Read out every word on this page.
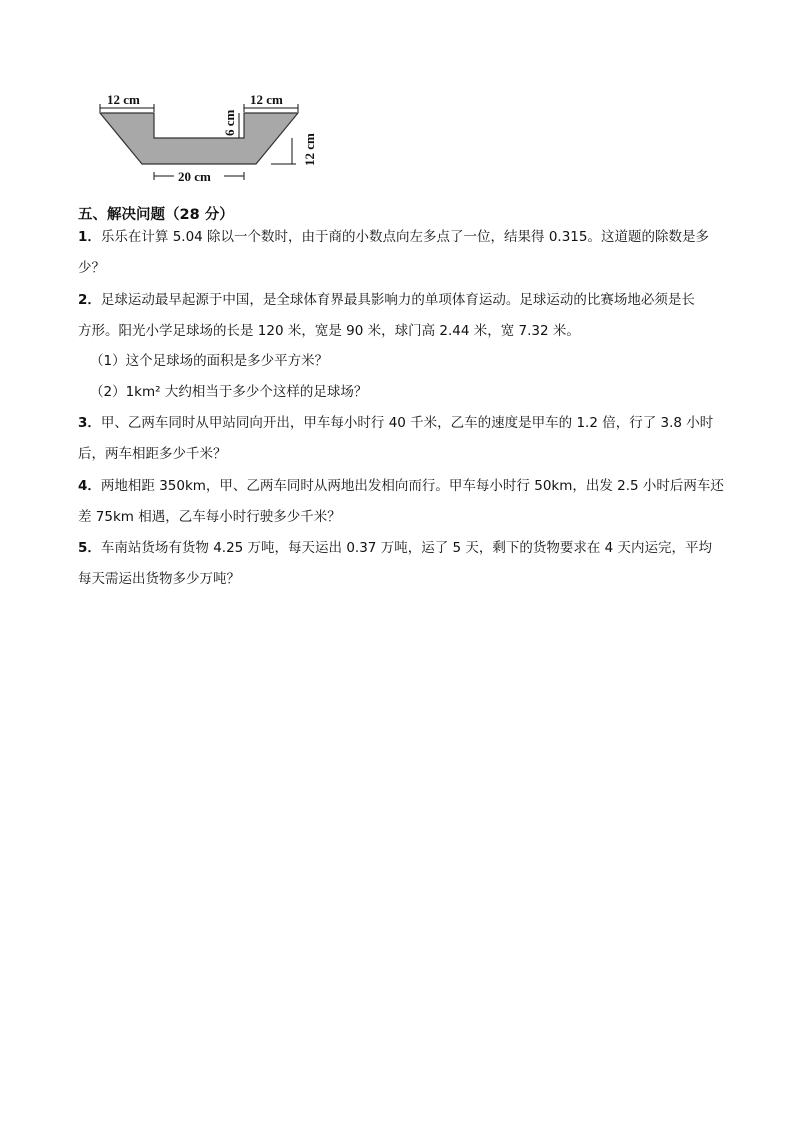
12 cm	12 cm
6 cm
12 cm
20 cm

五、解决问题（28 分）

1．乐乐在计算 5.04 除以一个数时，由于商的小数点向左多点了一位，结果得 0.315。这道题的除数是多
少？

2．足球运动最早起源于中国，是全球体育界最具影响力的单项体育运动。足球运动的比赛场地必须是长
方形。阳光小学足球场的长是 120 米，宽是 90 米，球门高 2.44 米，宽 7.32 米。

（1）这个足球场的面积是多少平方米？

（2）1km² 大约相当于多少个这样的足球场？

3．甲、乙两车同时从甲站同向开出，甲车每小时行 40 千米，乙车的速度是甲车的 1.2 倍，行了 3.8 小时
后，两车相距多少千米？

4．两地相距 350km，甲、乙两车同时从两地出发相向而行。甲车每小时行 50km，出发 2.5 小时后两车还
差 75km 相遇，乙车每小时行驶多少千米？

5．车南站货场有货物 4.25 万吨，每天运出 0.37 万吨，运了 5 天，剩下的货物要求在 4 天内运完，平均
每天需运出货物多少万吨？
